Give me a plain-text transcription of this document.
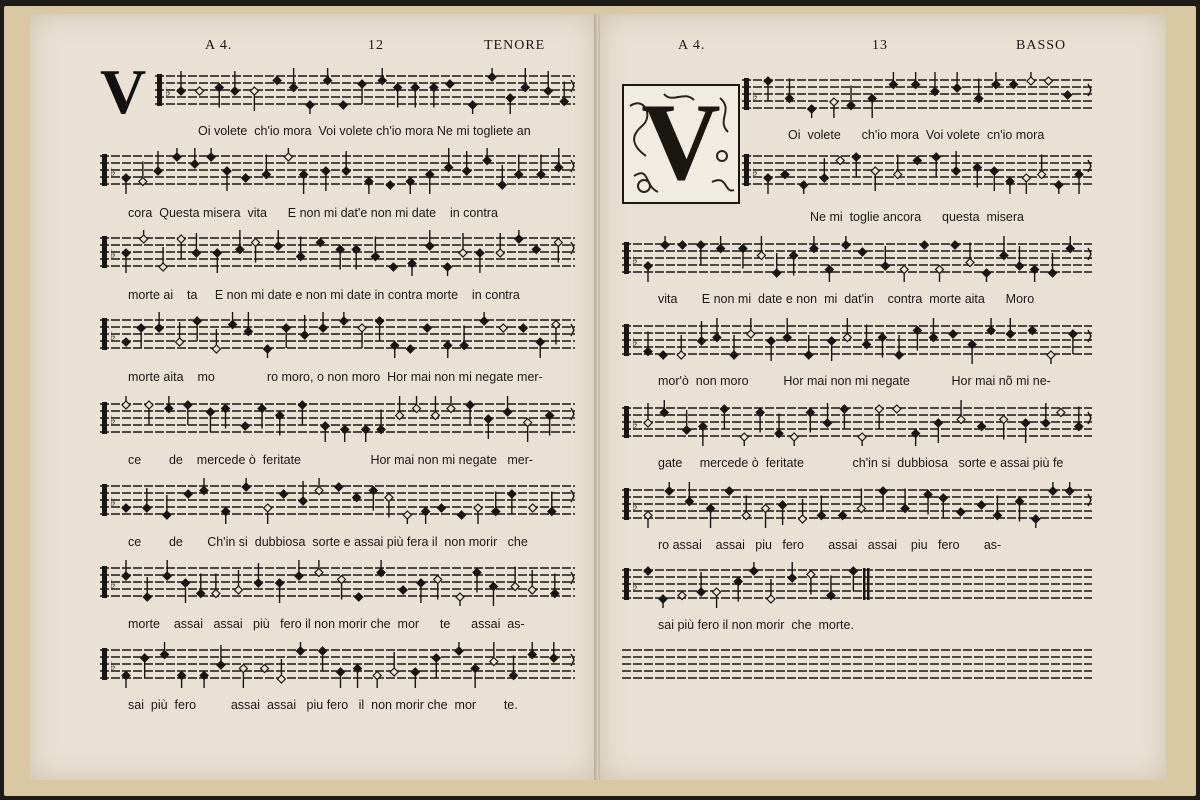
A 4.	12	TENORE
V ♭
♭
♭
♭
♭
♭
♭
♭
Oi volete  ch'io mora  Voi volete ch'io mora Ne mi togliete an
cora  Questa misera  vita      E non mi dat'e non mi date    in contra
morte ai    ta     E non mi date e non mi date in contra morte    in contra
morte aita    mo               ro moro, o non moro  Hor mai non mi negate mer-
ce        de    mercede ò  feritate                    Hor mai non mi negate   mer-
ce        de       Ch'in si  dubbiosa  sorte e assai più fera il  non morir   che
morte    assai   assai   più   fero il non morir che  mor      te      assai  as-
sai  più  fero          assai  assai   piu fero   il  non morir che  mor        te.
A 4.	13	BASSO
V	♭
♭
♭
♭
♭
♭
♭
Oi  volete      ch'io mora  Voi volete  cn'io mora
Ne mi  toglie ancora      questa  misera
vita       E non mi  date e non  mi  dat'in    contra  morte aita      Moro
mor'ò  non moro          Hor mai non mi negate            Hor mai nõ mi ne-
gate     mercede ò  feritate              ch'in si  dubbiosa   sorte e assai più fe
ro assai    assai   piu   fero       assai   assai    piu   fero       as-
sai più fero il non morir  che  morte.
